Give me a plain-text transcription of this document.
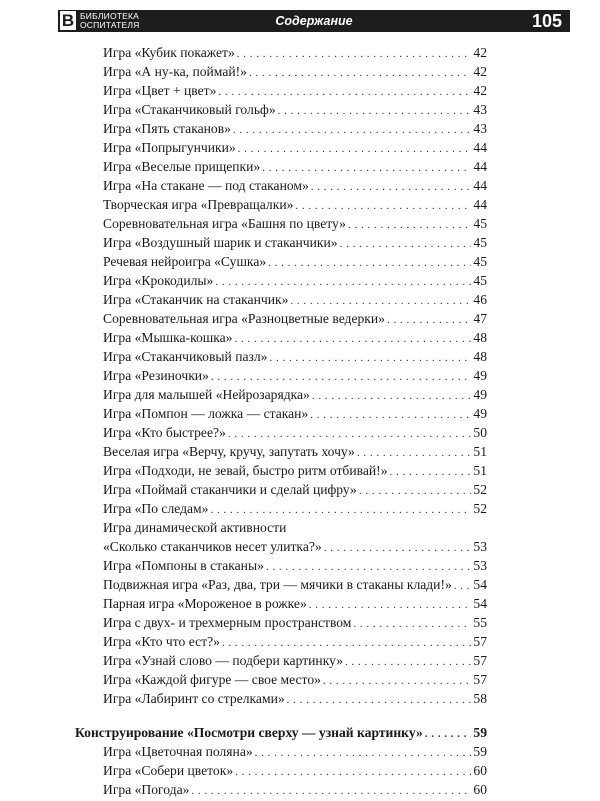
В БИБЛИОТЕКА
ОСПИТАТЕЛЯ	Содержание	105
Игра «Кубик покажет» . . .	42
Игра «А ну-ка, поймай!» . . .	42
Игра «Цвет + цвет» . . .	42
Игра «Стаканчиковый гольф» . . .	43
Игра «Пять стаканов» . . .	43
Игра «Попрыгунчики» . . .	44
Игра «Веселые прищепки» . . .	44
Игра «На стакане — под стаканом» . . .	44
Творческая игра «Превращалки» . . .	44
Соревновательная игра «Башня по цвету» . . .	45
Игра «Воздушный шарик и стаканчики» . . .	45
Речевая нейроигра «Сушка» . . .	45
Игра «Крокодилы» . . .	45
Игра «Стаканчик на стаканчик» . . .	46
Соревновательная игра «Разноцветные ведерки» . . .	47
Игра «Мышка-кошка» . . .	48
Игра «Стаканчиковый пазл» . . .	48
Игра «Резиночки» . . .	49
Игра для малышей «Нейрозарядка» . . .	49
Игра «Помпон — ложка — стакан» . . .	49
Игра «Кто быстрее?» . . .	50
Веселая игра «Верчу, кручу, запутать хочу» . . .	51
Игра «Подходи, не зевай, быстро ритм отбивай!» . . .	51
Игра «Поймай стаканчики и сделай цифру» . . .	52
Игра «По следам» . . .	52
Игра динамической активности
«Сколько стаканчиков несет улитка?» . . .	53
Игра «Помпоны в стаканы» . . .	53
Подвижная игра «Раз, два, три — мячики в стаканы клади!» . . . 54
Парная игра «Мороженое в рожке» . . .	54
Игра с двух- и трехмерным пространством . . .	55
Игра «Кто что ест?» . . .	57
Игра «Узнай слово — подбери картинку» . . .	57
Игра «Каждой фигуре — свое место» . . .	57
Игра «Лабиринт со стрелками» . . .	58
Конструирование «Посмотри сверху — узнай картинку» . . .	59
Игра «Цветочная поляна» . . .	59
Игра «Собери цветок» . . .	60
Игра «Погода» . . .	60
